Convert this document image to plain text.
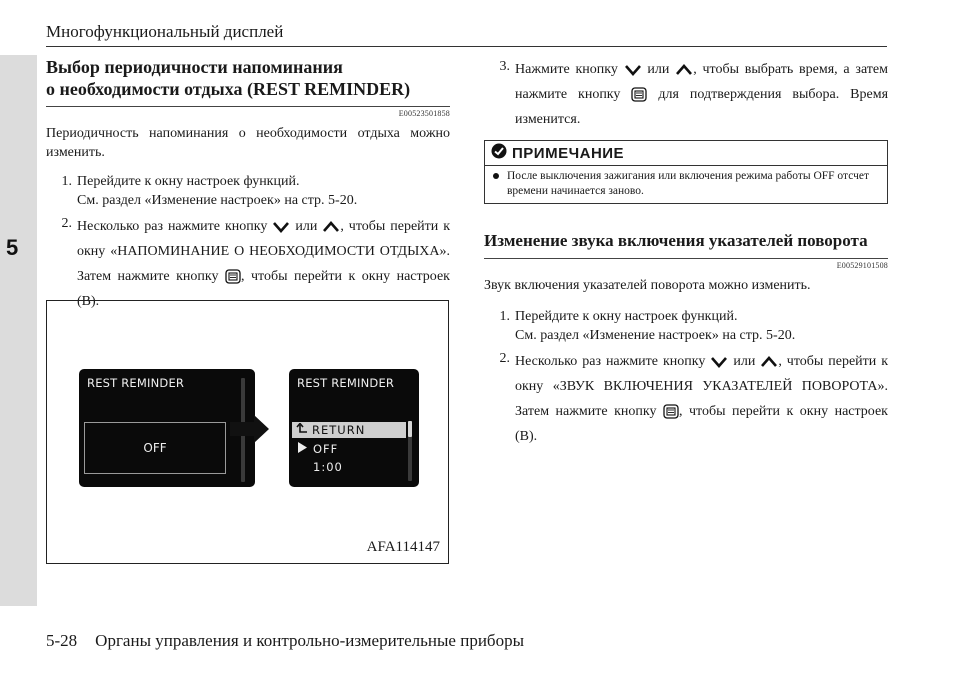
5
Многофункциональный дисплей
Выбор периодичности напоминания
о необходимости отдыха (REST REMINDER)
E00523501858

Периодичность напоминания о необходимости отдыха можно изменить.

1. Перейдите к окну настроек функций.
См. раздел «Изменение настроек» на стр. 5-20.
2. Несколько раз нажмите кнопку или , чтобы перейти к окну «НАПОМИНАНИЕ О НЕОБХОДИМОСТИ ОТДЫХА». Затем нажмите кнопку , чтобы перейти к окну настроек (B).
REST REMINDER
OFF
REST REMINDER
RETURN
OFF
1:00
AFA114147
3. Нажмите кнопку или , чтобы выбрать время, а затем нажмите кнопку	для подтверждения выбора. Время изменится.
ПРИМЕЧАНИЕ
После выключения зажигания или включения режима работы OFF отсчет времени начинается заново.
Изменение звука включения указателей поворота
E00529101508

Звук включения указателей поворота можно изменить.

1. Перейдите к окну настроек функций.
См. раздел «Изменение настроек» на стр. 5-20.
2. Несколько раз нажмите кнопку или , чтобы перейти к окну «ЗВУК ВКЛЮЧЕНИЯ УКАЗАТЕЛЕЙ ПОВОРОТА». Затем нажмите кнопку , чтобы перейти к окну настроек (B).
5-28 Органы управления и контрольно-измерительные приборы
